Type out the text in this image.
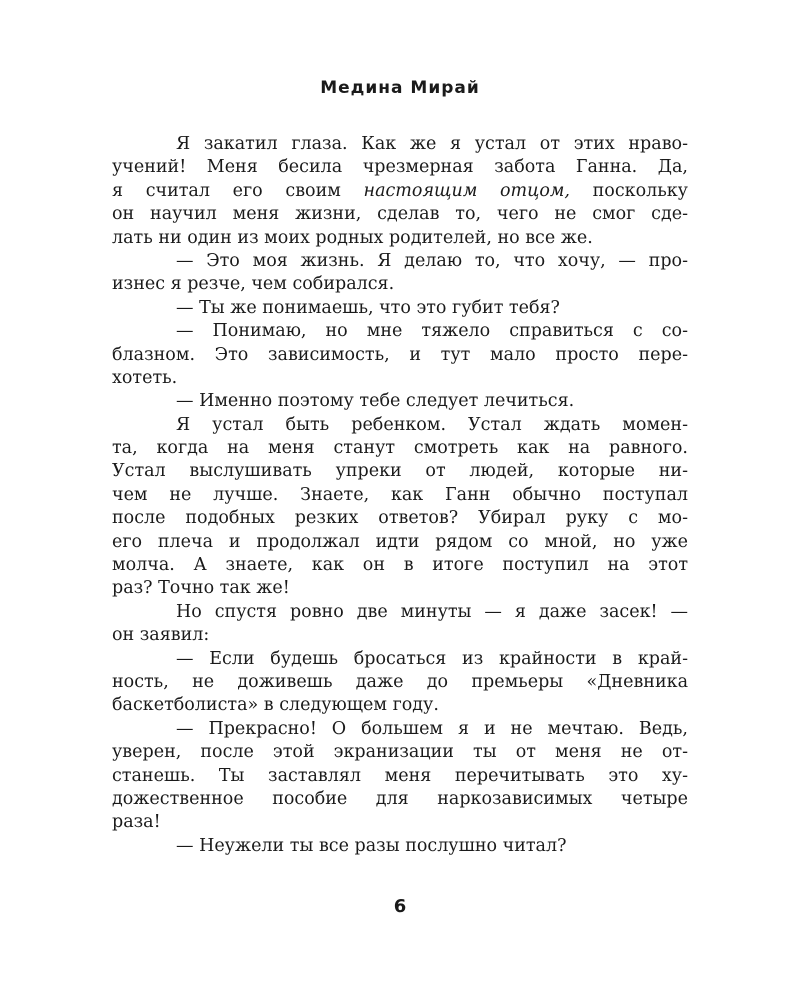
Медина Мирай
Я закатил глаза. Как же я устал от этих нраво-
учений! Меня бесила чрезмерная забота Ганна. Да,
я считал его своим настоящим отцом, поскольку
он научил меня жизни, сделав то, чего не смог сде-
лать ни один из моих родных родителей, но все же.
— Это моя жизнь. Я делаю то, что хочу, — про-
изнес я резче, чем собирался.
— Ты же понимаешь, что это губит тебя?
— Понимаю, но мне тяжело справиться с со-
блазном. Это зависимость, и тут мало просто пере-
хотеть.
— Именно поэтому тебе следует лечиться.
Я устал быть ребенком. Устал ждать момен-
та, когда на меня станут смотреть как на равного.
Устал выслушивать упреки от людей, которые ни-
чем не лучше. Знаете, как Ганн обычно поступал
после подобных резких ответов? Убирал руку с мо-
его плеча и продолжал идти рядом со мной, но уже
молча. А знаете, как он в итоге поступил на этот
раз? Точно так же!
Но спустя ровно две минуты — я даже засек! —
он заявил:
— Если будешь бросаться из крайности в край-
ность, не доживешь даже до премьеры «Дневника
баскетболиста» в следующем году.
— Прекрасно! О большем я и не мечтаю. Ведь,
уверен, после этой экранизации ты от меня не от-
станешь. Ты заставлял меня перечитывать это ху-
дожественное пособие для наркозависимых четыре
раза!
— Неужели ты все разы послушно читал?
6
